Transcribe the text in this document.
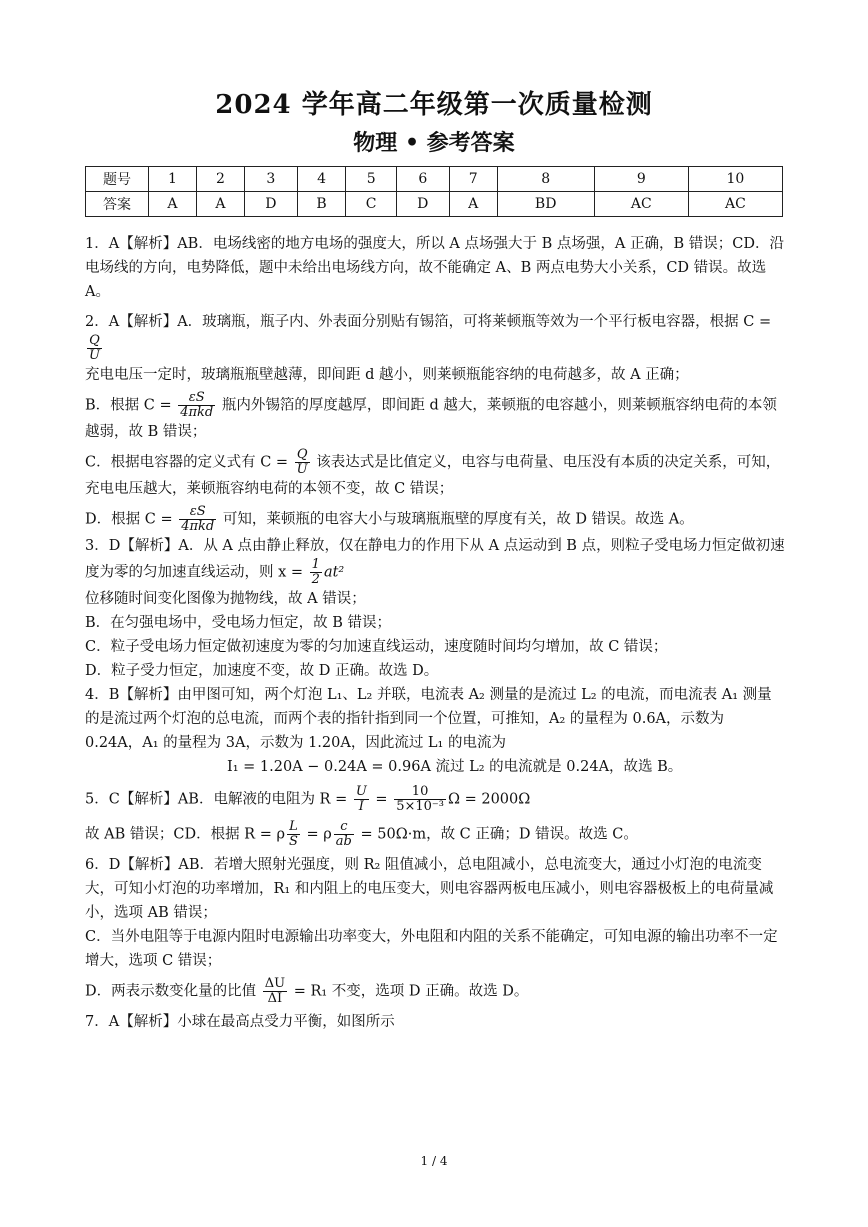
2024 学年高二年级第一次质量检测
物理 • 参考答案
题号	1	2	3	4	5	6	7	8	9	10
答案	A	A	D	B	C	D	A	BD	AC	AC

1．A【解析】AB．电场线密的地方电场的强度大，所以 A 点场强大于 B 点场强，A 正确，B 错误；CD．沿电场线的方向，电势降低，题中未给出电场线方向，故不能确定 A、B 两点电势大小关系，CD 错误。故选A。

2．A【解析】A．玻璃瓶，瓶子内、外表面分别贴有锡箔，可将莱顿瓶等效为一个平行板电容器，根据 C =
$\frac{Q}{U}$

充电电压一定时，玻璃瓶瓶壁越薄，即间距 d 越小，则莱顿瓶能容纳的电荷越多，故 A 正确；

B．根据 $C = \frac{\varepsilon S}{\text{4πkd}}$ 瓶内外锡箔的厚度越厚，即间距 d 越大，莱顿瓶的电容越小，则莱顿瓶容纳电荷的本领越弱，故 B 错误；

C．根据电容器的定义式有 $C = \frac{Q}{U}$ 该表达式是比值定义，电容与电荷量、电压没有本质的决定关系，可知，充电电压越大，莱顿瓶容纳电荷的本领不变，故 C 错误；

D．根据 $C = \frac{\varepsilon S}{\text{4πkd}}$ 可知，莱顿瓶的电容大小与玻璃瓶瓶壁的厚度有关，故 D 错误。故选 A。

3．D【解析】A．从 A 点由静止释放，仅在静电力的作用下从 A 点运动到 B 点，则粒子受电场力恒定做初速度为零的匀加速直线运动，则 $x = \frac{1}{2} at^2$

位移随时间变化图像为抛物线，故 A 错误；

B．在匀强电场中，受电场力恒定，故 B 错误；

C．粒子受电场力恒定做初速度为零的匀加速直线运动，速度随时间均匀增加，故 C 错误；

D．粒子受力恒定，加速度不变，故 D 正确。故选 D。

4．B【解析】由甲图可知，两个灯泡 L₁、L₂ 并联，电流表 A₂ 测量的是流过 L₂ 的电流，而电流表 A₁ 测量的是流过两个灯泡的总电流，而两个表的指针指到同一个位置，可推知，A₂ 的量程为 0.6A，示数为 0.24A，A₁ 的量程为 3A，示数为 1.20A，因此流过 L₁ 的电流为

I₁ = 1.20A − 0.24A = 0.96A 流过 L₂ 的电流就是 0.24A，故选 B。

5．C【解析】AB．电解液的电阻为 $R = \frac{U}{I} = \frac{10}{\text{5×10⁻³}}$ Ω = 2000Ω

故 AB 错误；CD．根据 R = ρ $\frac{L}{S} = \rho \frac{c}{ab} = 50\Omega\cdot m$，故 C 正确；D 错误。故选 C。

6．D【解析】AB．若增大照射光强度，则 R₂ 阻值减小，总电阻减小，总电流变大，通过小灯泡的电流变大，可知小灯泡的功率增加，R₁ 和内阻上的电压变大，则电容器两板电压减小，则电容器极板上的电荷量减小，选项 AB 错误；

C．当外电阻等于电源内阻时电源输出功率变大，外电阻和内阻的关系不能确定，可知电源的输出功率不一定增大，选项 C 错误；

D．两表示数变化量的比值 $\frac{\Delta U}{\Delta I} = R_1$ 不变，选项 D 正确。故选 D。

7．A【解析】小球在最高点受力平衡，如图所示

1 / 4
